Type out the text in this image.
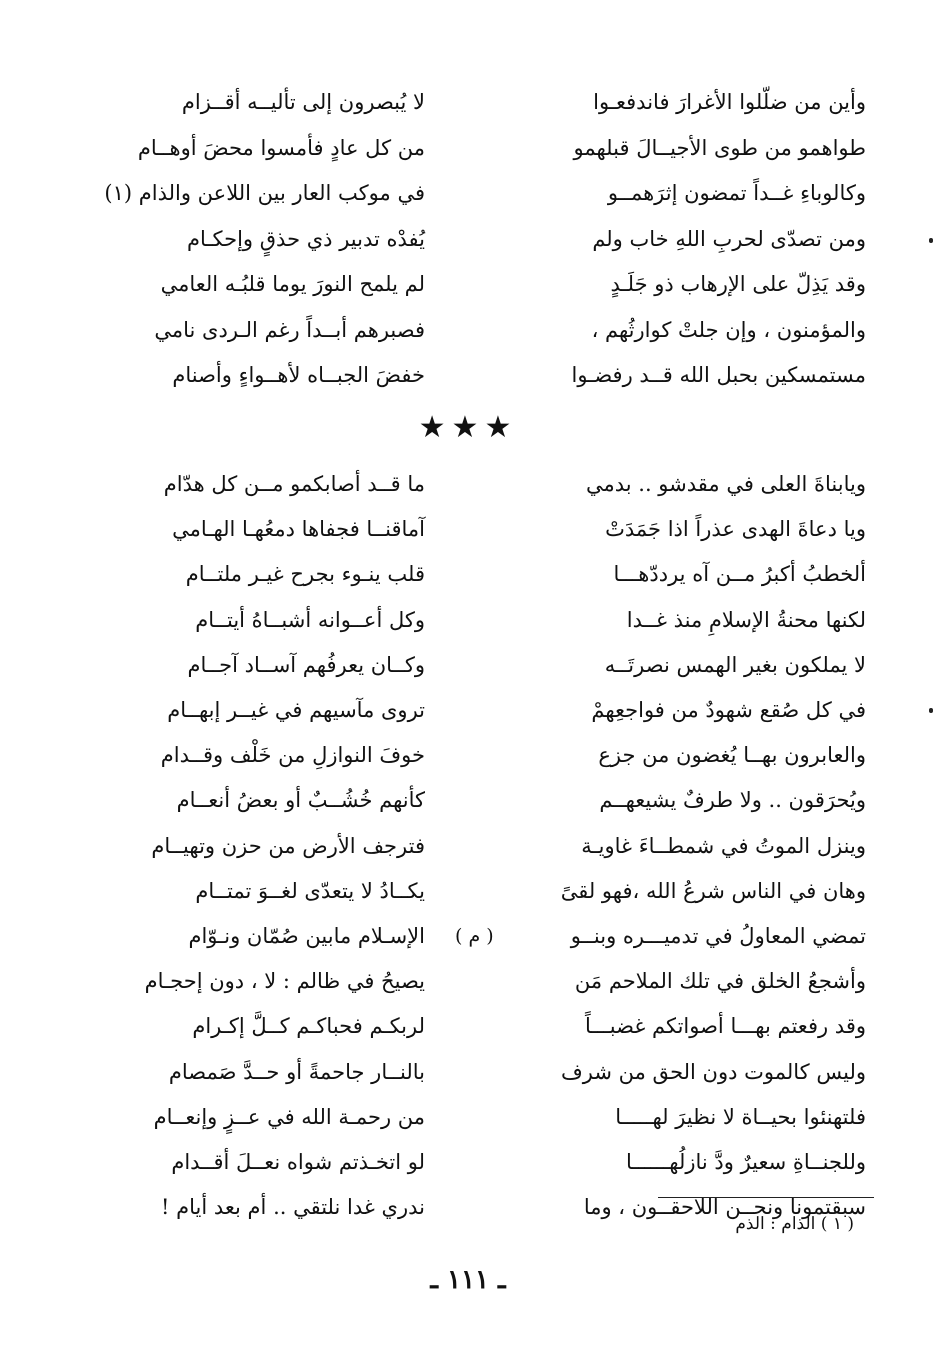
وأين من ضلّلوا الأغرارَ فاندفعـوا
لا يُبصرون إلى تأليــه أقــزام
طواهمو من طوى الأجيــالَ قبلهمو
من كل عادٍ فأمسوا محضَ أوهــام
وكالوباءِ غــداً تمضون إثرَهمــو
في موكب العار بين اللاعن والذام (١)
ومن تصدّى لحربِ اللهِ خاب ولم
يُفدْه تدبير ذي حذقٍ وإحكـام
وقد يَذِلّ على الإرهاب ذو جَلَـدٍ
لم يلمح النورَ يوما قلبُـه العامي
والمؤمنون ، وإن جلتْ كوارثُهم ،
فصبرهم أبــداً رغم الـردى نامي
مستمسكين بحبل الله قــد رفضـوا
خفضَ الجبــاه لأهــواءٍ وأصنام
★★★
ويابناةَ العلى في مقدشو .. بدمي
ما قــد أصابكمو مــن كل هدّام
ويا دعاةَ الهدى عذراً اذا جَمَدَتْ
آماقنــا فجفاها دمعُهـا الهـامي
ألخطبُ أكبرُ مــن آه يرددّهـــا
قلب ينـوء بجرح غيـر ملتــام
لكنها محنةُ الإسلامِ منذ غــدا
وكل أعــوانه أشبــاهُ أيتــام
لا يملكون بغير الهمس نصرتَــه
وكــان يعرفُهم آســاد آجــام
في كل صُقع شهودٌ من فواجعِهمْ
تروى مآسيهم في غيــر إبهــام
والعابرون بهــا يُغضون من جزع
خوفَ النوازلِ من خَلْف وقــدام
ويُحرَقون .. ولا طرفٌ يشيعهــم
كأنهم خُشُــبٌ أو بعضُ أنعــام
وينزل الموتُ في شمطــاءَ غاويـة
فترجف الأرض من حزن وتهيــام
وهان في الناس شرعُ الله ،فهو لقىً
يكــادُ لا يتعدّى لغــوَ تمتــام
تمضي المعاولُ في تدميـــره وبنــو
( م )
الإسـلام مابين صُمّان ونـوّام
وأشجعُ الخلق في تلك الملاحم مَن
يصيحُ في ظالم : لا ، دون إحجـام
وقد رفعتم بهـــا أصواتكم غضبـــاً
لربكـم فحباكـم كــلَّ إكـرام
وليس كالموت دون الحق من شرف
بالنــار جاحمةً أو حــدَّ صَمصام
فلتهنئوا بحيــاة لا نظيرَ لهـــــا
من رحمـة الله في عــزٍ وإنعــام
وللجنــاةِ سعيرٌ ودَّ نازلُهــــــا
لو اتخـذتم شواه نعــلَ أقــدام
سبقتمونا ونحــن اللاحقــون ، وما
ندري غدا نلتقي .. أم بعد أيام !
( ١ ) الذام : الذم
ـ ١١١ ـ
